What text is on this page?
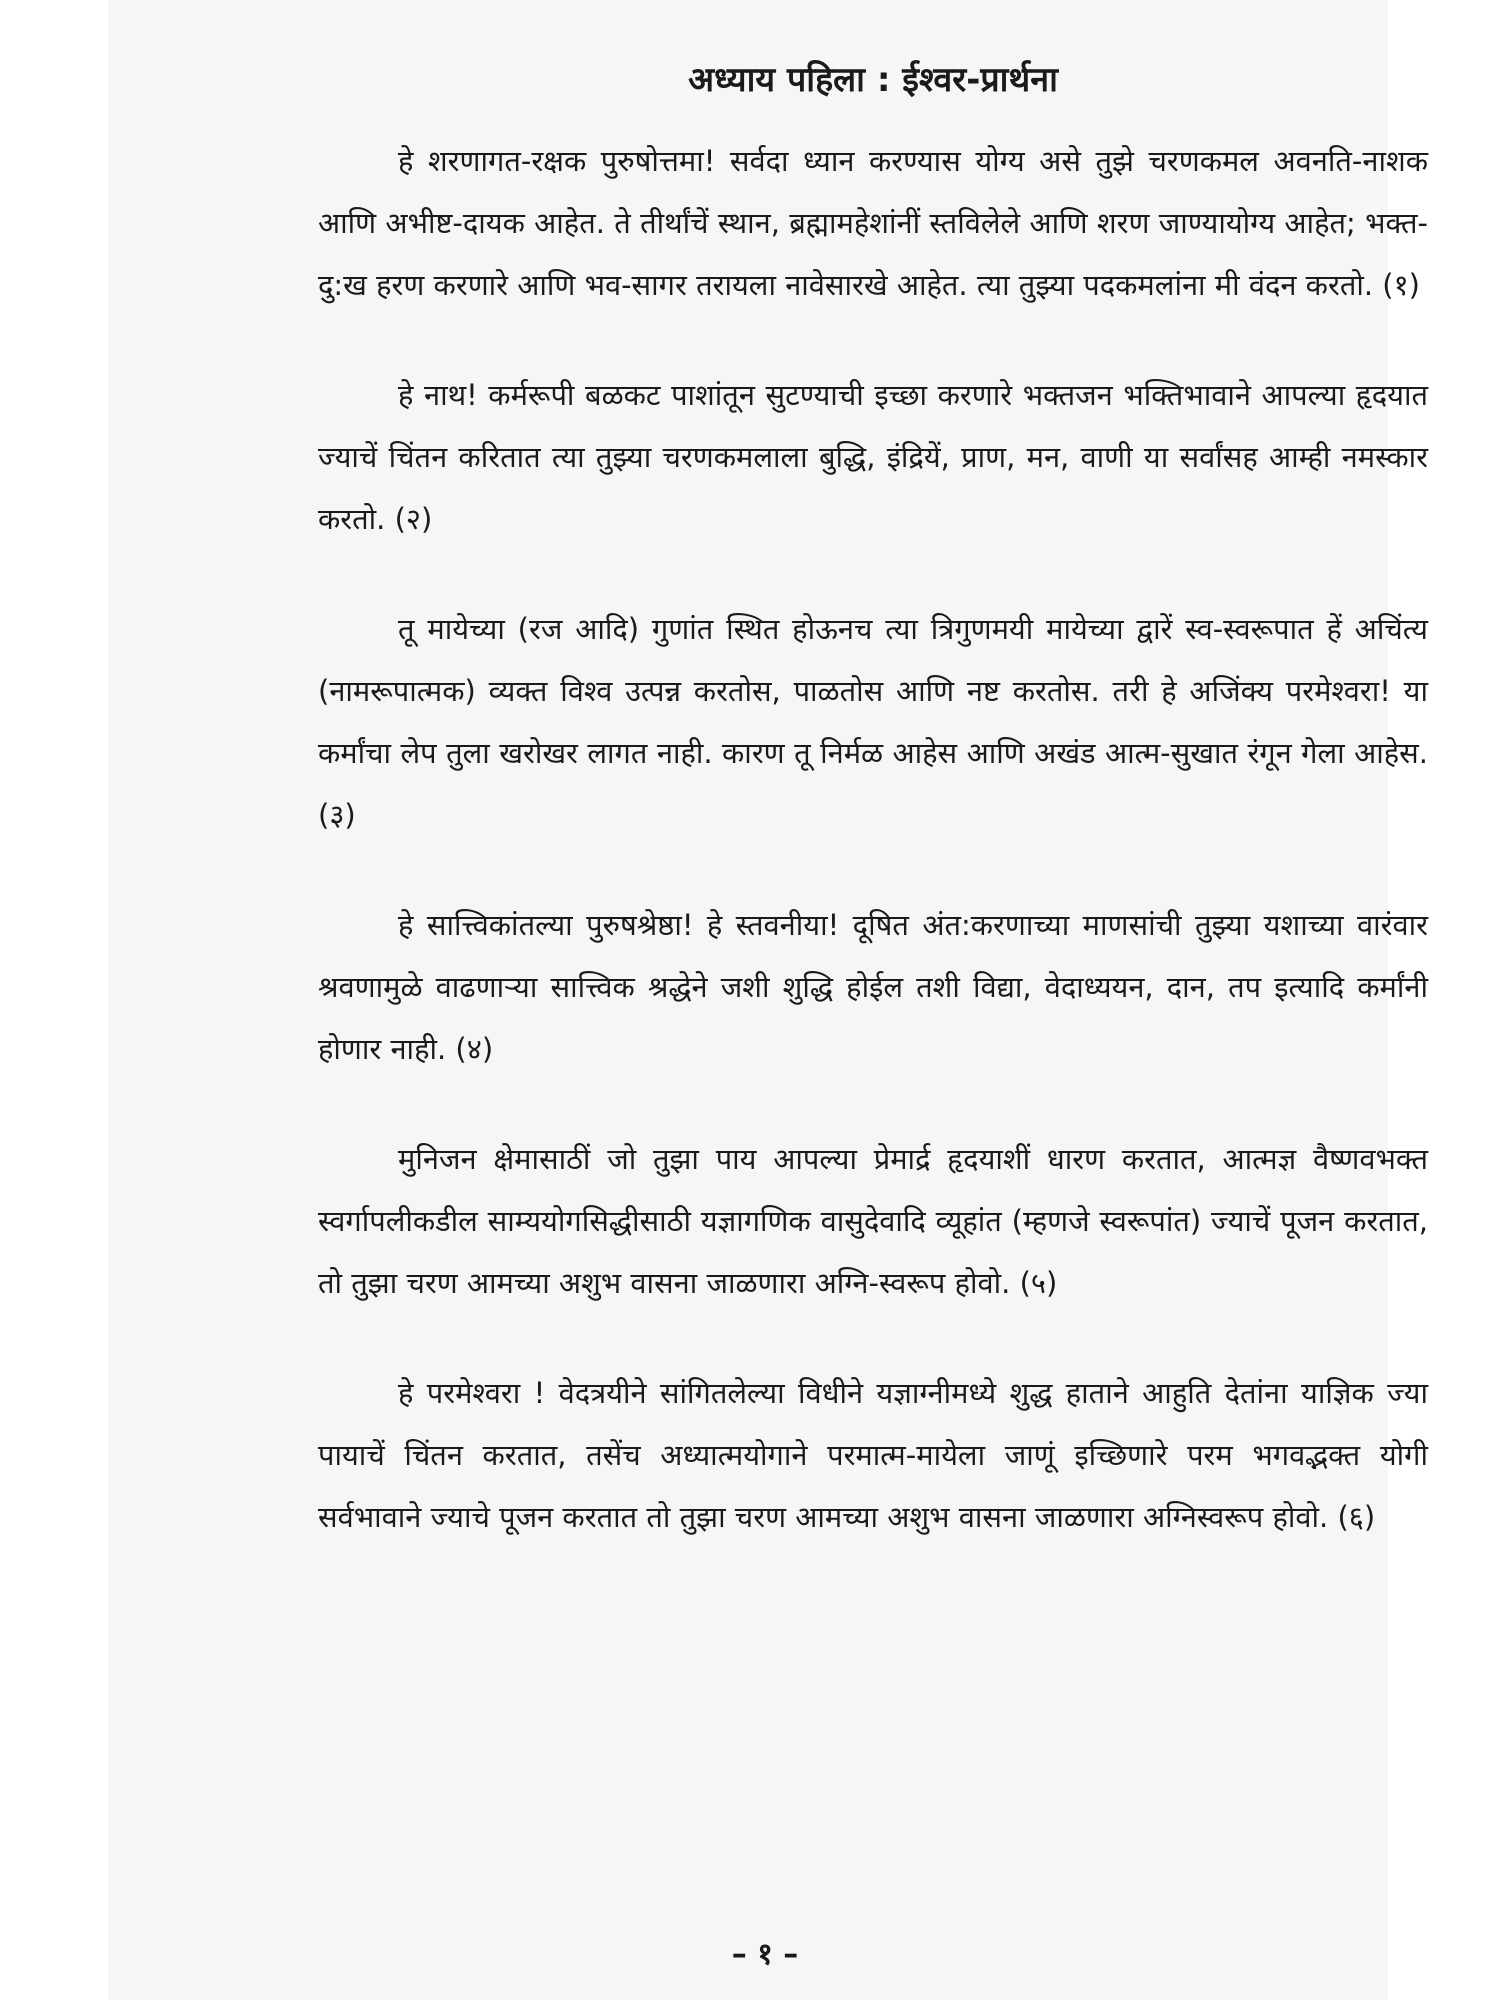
अध्याय पहिला : ईश्वर-प्रार्थना

हे शरणागत-रक्षक पुरुषोत्तमा! सर्वदा ध्यान करण्यास योग्य असे तुझे चरणकमल अवनति-नाशक आणि अभीष्ट-दायक आहेत. ते तीर्थांचें स्थान, ब्रह्मामहेशांनीं स्तविलेले आणि शरण जाण्यायोग्य आहेत; भक्त-दु:ख हरण करणारे आणि भव-सागर तरायला नावेसारखे आहेत. त्या तुझ्या पदकमलांना मी वंदन करतो. (१)

हे नाथ! कर्मरूपी बळकट पाशांतून सुटण्याची इच्छा करणारे भक्तजन भक्तिभावाने आपल्या हृदयात ज्याचें चिंतन करितात त्या तुझ्या चरणकमलाला बुद्धि, इंद्रियें, प्राण, मन, वाणी या सर्वांसह आम्ही नमस्कार करतो. (२)

तू मायेच्या (रज आदि) गुणांत स्थित होऊनच त्या त्रिगुणमयी मायेच्या द्वारें स्व-स्वरूपात हें अचिंत्य (नामरूपात्मक) व्यक्त विश्व उत्पन्न करतोस, पाळतोस आणि नष्ट करतोस. तरी हे अजिंक्य परमेश्वरा! या कर्मांचा लेप तुला खरोखर लागत नाही. कारण तू निर्मळ आहेस आणि अखंड आत्म-सुखात रंगून गेला आहेस. (३)

हे सात्त्विकांतल्या पुरुषश्रेष्ठा! हे स्तवनीया! दूषित अंत:करणाच्या माणसांची तुझ्या यशाच्या वारंवार श्रवणामुळे वाढणाऱ्या सात्त्विक श्रद्धेने जशी शुद्धि होईल तशी विद्या, वेदाध्ययन, दान, तप इत्यादि कर्मांनी होणार नाही. (४)

मुनिजन क्षेमासाठीं जो तुझा पाय आपल्या प्रेमार्द्र हृदयाशीं धारण करतात, आत्मज्ञ वैष्णवभक्त स्वर्गापलीकडील साम्ययोगसिद्धीसाठी यज्ञागणिक वासुदेवादि व्यूहांत (म्हणजे स्वरूपांत) ज्याचें पूजन करतात, तो तुझा चरण आमच्या अशुभ वासना जाळणारा अग्नि-स्वरूप होवो. (५)

हे परमेश्वरा ! वेदत्रयीने सांगितलेल्या विधीने यज्ञाग्नीमध्ये शुद्ध हाताने आहुति देतांना याज्ञिक ज्या पायाचें चिंतन करतात, तसेंच अध्यात्मयोगाने परमात्म-मायेला जाणूं इच्छिणारे परम भगवद्भक्त योगी सर्वभावाने ज्याचे पूजन करतात तो तुझा चरण आमच्या अशुभ वासना जाळणारा अग्निस्वरूप होवो. (६)

– १ –
